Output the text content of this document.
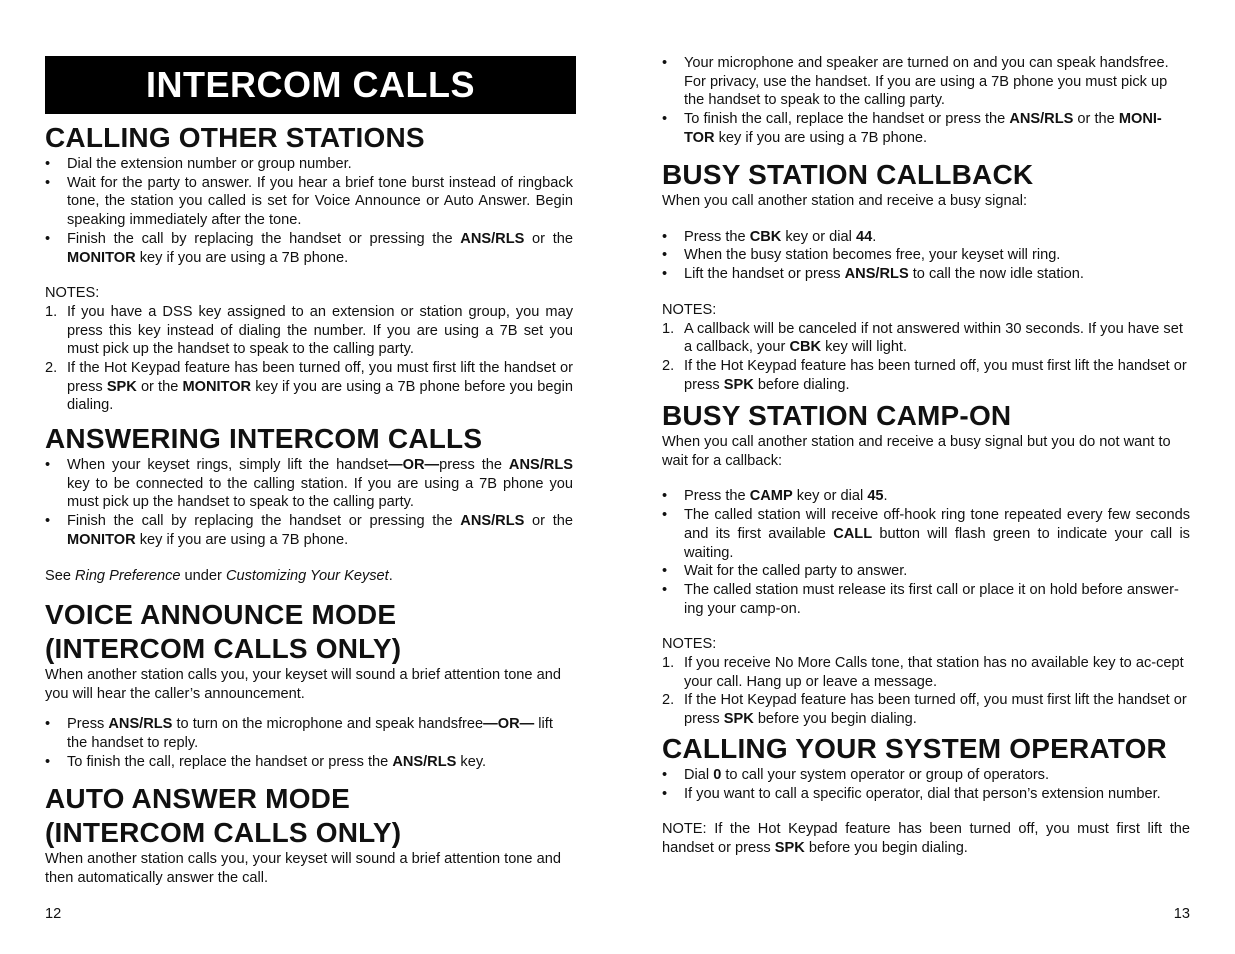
INTERCOM CALLS
CALLING OTHER STATIONS
• Dial the extension number or group number.
• Wait for the party to answer. If you hear a brief tone burst instead of ringback tone, the station you called is set for Voice Announce or Auto Answer. Begin speaking immediately after the tone.
• Finish the call by replacing the handset or pressing the ANS/RLS or the MONITOR key if you are using a 7B phone.

NOTES:

1. If you have a DSS key assigned to an extension or station group, you may press this key instead of dialing the number. If you are using a 7B set you must pick up the handset to speak to the calling party.
2. If the Hot Keypad feature has been turned off, you must first lift the handset or press SPK or the MONITOR key if you are using a 7B phone before you begin dialing.
ANSWERING INTERCOM CALLS
• When your keyset rings, simply lift the handset—OR—press the ANS/RLS key to be connected to the calling station. If you are using a 7B phone you must pick up the handset to speak to the calling party.
• Finish the call by replacing the handset or pressing the ANS/RLS or the MONITOR key if you are using a 7B phone.

See Ring Preference under Customizing Your Keyset.

VOICE ANNOUNCE MODE
(INTERCOM CALLS ONLY)

When another station calls you, your keyset will sound a brief attention tone and you will hear the caller’s announcement.

• Press ANS/RLS to turn on the microphone and speak handsfree—OR— lift the handset to reply.
• To finish the call, replace the handset or press the ANS/RLS key.
AUTO ANSWER MODE
(INTERCOM CALLS ONLY)

When another station calls you, your keyset will sound a brief attention tone and then automatically answer the call.

12
• Your microphone and speaker are turned on and you can speak handsfree. For privacy, use the handset. If you are using a 7B phone you must pick up the handset to speak to the calling party.
• To finish the call, replace the handset or press the ANS/RLS or the MONI-TOR key if you are using a 7B phone.
BUSY STATION CALLBACK

When you call another station and receive a busy signal:

• Press the CBK key or dial 44.
• When the busy station becomes free, your keyset will ring.
• Lift the handset or press ANS/RLS to call the now idle station.

NOTES:

1. A callback will be canceled if not answered within 30 seconds. If you have set a callback, your CBK key will light.
2. If the Hot Keypad feature has been turned off, you must first lift the handset or press SPK before dialing.
BUSY STATION CAMP-ON

When you call another station and receive a busy signal but you do not want to wait for a callback:

• Press the CAMP key or dial 45.
• The called station will receive off-hook ring tone repeated every few seconds and its first available CALL button will flash green to indicate your call is waiting.
• Wait for the called party to answer.
• The called station must release its first call or place it on hold before answer-ing your camp-on.

NOTES:

1. If you receive No More Calls tone, that station has no available key to ac-cept your call. Hang up or leave a message.
2. If the Hot Keypad feature has been turned off, you must first lift the handset or press SPK before you begin dialing.
CALLING YOUR SYSTEM OPERATOR
• Dial 0 to call your system operator or group of operators.
• If you want to call a specific operator, dial that person’s extension number.

NOTE: If the Hot Keypad feature has been turned off, you must first lift the handset or press SPK before you begin dialing.

13
